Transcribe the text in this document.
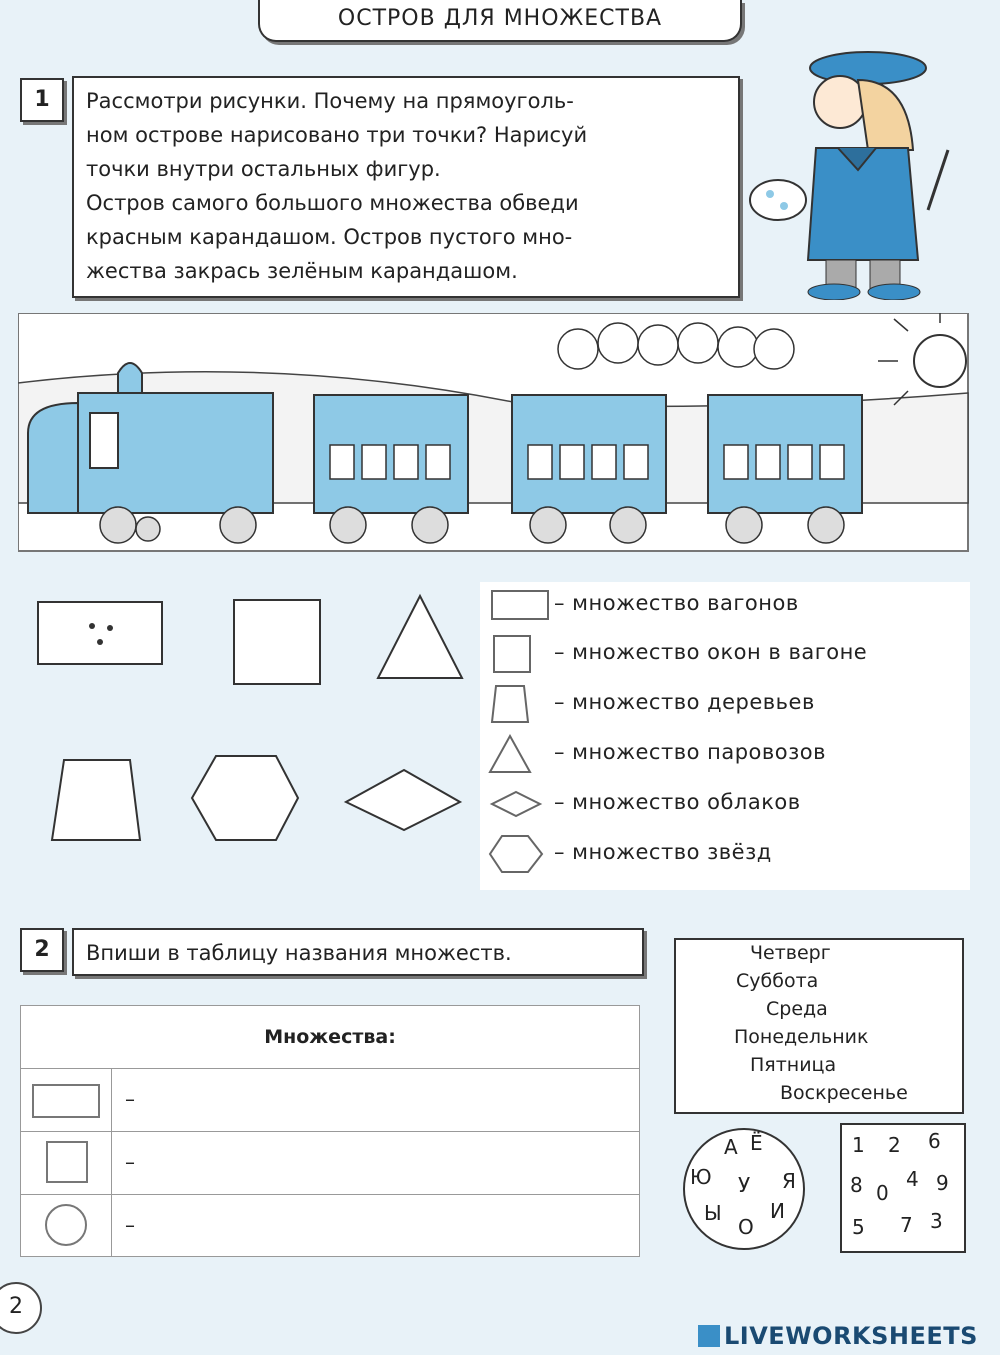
ОСТРОВ ДЛЯ МНОЖЕСТВА
1	Рассмотри рисунки. Почему на прямоуголь-
ном острове нарисовано три точки? Нарисуй
точки внутри остальных фигур.
Остров самого большого множества обведи
красным карандашом. Остров пустого мно-
жества закрась зелёным карандашом.
– множество вагонов
– множество окон в вагоне
– множество деревьев
– множество паровозов
– множество облаков
– множество звёзд
2	Впиши в таблицу названия множеств.
Множества:
–
–
–
Четверг
Суббота
Среда
Понедельник
Пятница
Воскресенье
А Ё
Ю У Я
Ы
О
И
1 2 6
8 0
4 9
5 7 3
2
LIVEWORKSHEETS
